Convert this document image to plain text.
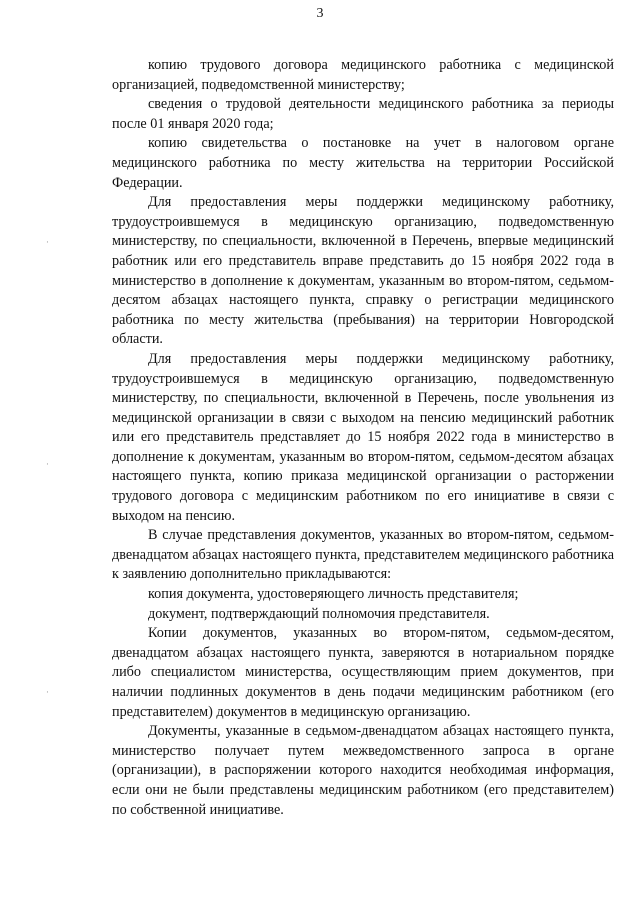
3
·
·
·

копию трудового договора медицинского работника с медицинской организацией, подведомственной министерству;

сведения о трудовой деятельности медицинского работника за периоды после 01 января 2020 года;

копию свидетельства о постановке на учет в налоговом органе медицинского работника по месту жительства на территории Российской Федерации.

Для предоставления меры поддержки медицинскому работнику, трудоустроившемуся в медицинскую организацию, подведомственную министерству, по специальности, включенной в Перечень, впервые медицинский работник или его представитель вправе представить до 15 ноября 2022 года в министерство в дополнение к документам, указанным во втором-пятом, седьмом-десятом абзацах настоящего пункта, справку о регистрации медицинского работника по месту жительства (пребывания) на территории Новгородской области.

Для предоставления меры поддержки медицинскому работнику, трудоустроившемуся в медицинскую организацию, подведомственную министерству, по специальности, включенной в Перечень, после увольнения из медицинской организации в связи с выходом на пенсию медицинский работник или его представитель представляет до 15 ноября 2022 года в министерство в дополнение к документам, указанным во втором-пятом, седьмом-десятом абзацах настоящего пункта, копию приказа медицинской организации о расторжении трудового договора с медицинским работником по его инициативе в связи с выходом на пенсию.

В случае представления документов, указанных во втором-пятом, седьмом-двенадцатом абзацах настоящего пункта, представителем медицинского работника к заявлению дополнительно прикладываются:

копия документа, удостоверяющего личность представителя;

документ, подтверждающий полномочия представителя.

Копии документов, указанных во втором-пятом, седьмом-десятом, двенадцатом абзацах настоящего пункта, заверяются в нотариальном порядке либо специалистом министерства, осуществляющим прием документов, при наличии подлинных документов в день подачи медицинским работником (его представителем) документов в медицинскую организацию.

Документы, указанные в седьмом-двенадцатом абзацах настоящего пункта, министерство получает путем межведомственного запроса в органе (организации), в распоряжении которого находится необходимая информация, если они не были представлены медицинским работником (его представителем) по собственной инициативе.
